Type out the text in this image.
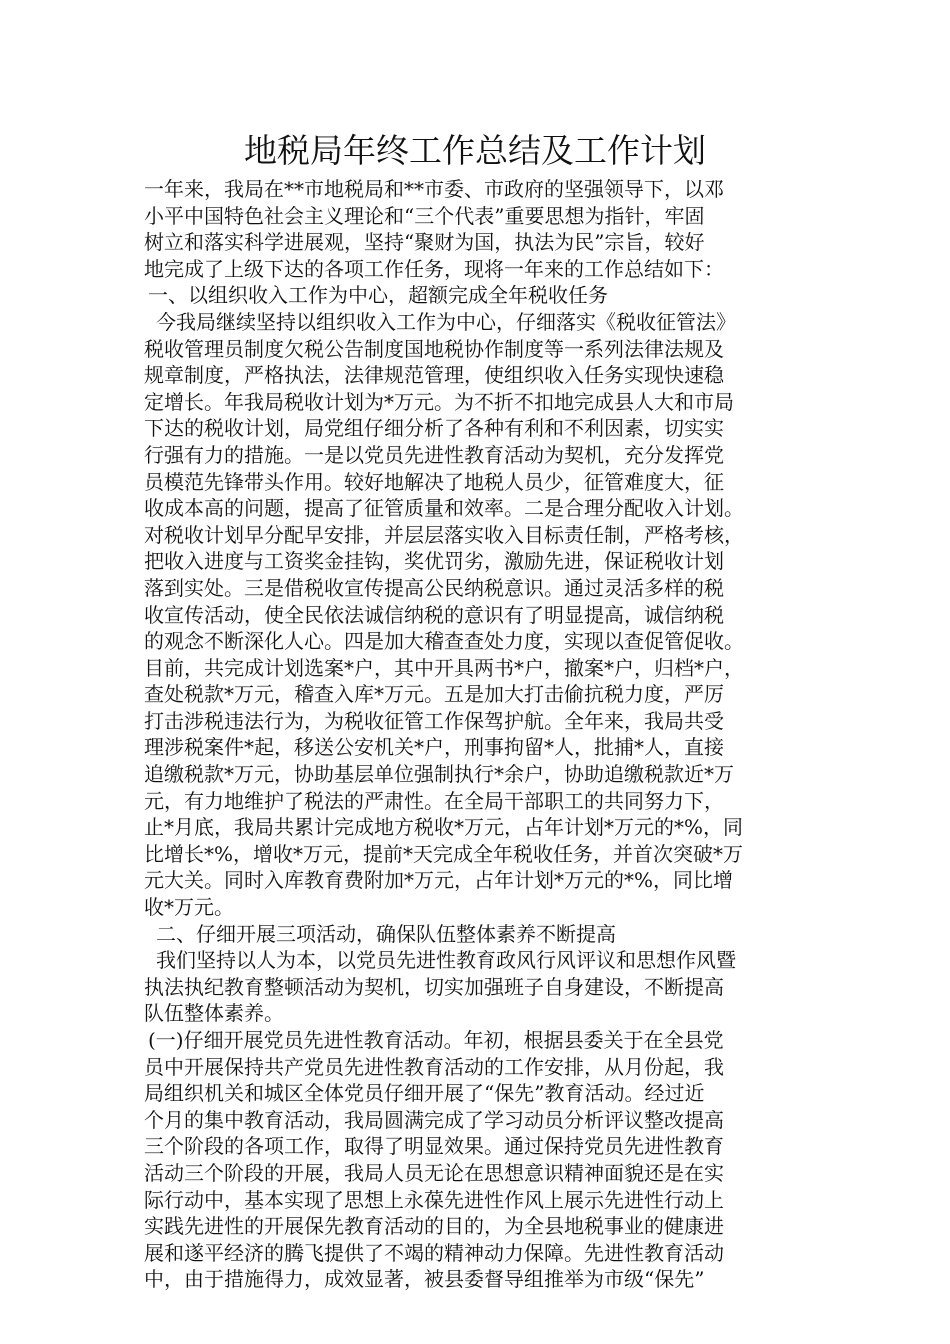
地税局年终工作总结及工作计划
一年来，我局在**市地税局和**市委、市政府的坚强领导下，以邓
小平中国特色社会主义理论和“三个代表”重要思想为指针，牢固
树立和落实科学进展观，坚持“聚财为国，执法为民”宗旨，较好
地完成了上级下达的各项工作任务，现将一年来的工作总结如下：
一、以组织收入工作为中心，超额完成全年税收任务
今我局继续坚持以组织收入工作为中心，仔细落实《税收征管法》
税收管理员制度欠税公告制度国地税协作制度等一系列法律法规及
规章制度，严格执法，法律规范管理，使组织收入任务实现快速稳
定增长。年我局税收计划为*万元。为不折不扣地完成县人大和市局
下达的税收计划，局党组仔细分析了各种有利和不利因素，切实实
行强有力的措施。一是以党员先进性教育活动为契机，充分发挥党
员模范先锋带头作用。较好地解决了地税人员少，征管难度大，征
收成本高的问题，提高了征管质量和效率。二是合理分配收入计划。
对税收计划早分配早安排，并层层落实收入目标责任制，严格考核，
把收入进度与工资奖金挂钩，奖优罚劣，激励先进，保证税收计划
落到实处。三是借税收宣传提高公民纳税意识。通过灵活多样的税
收宣传活动，使全民依法诚信纳税的意识有了明显提高，诚信纳税
的观念不断深化人心。四是加大稽查查处力度，实现以查促管促收。
目前，共完成计划选案*户，其中开具两书*户，撤案*户，归档*户，
查处税款*万元，稽查入库*万元。五是加大打击偷抗税力度，严厉
打击涉税违法行为，为税收征管工作保驾护航。全年来，我局共受
理涉税案件*起，移送公安机关*户，刑事拘留*人，批捕*人，直接
追缴税款*万元，协助基层单位强制执行*余户，协助追缴税款近*万
元，有力地维护了税法的严肃性。在全局干部职工的共同努力下，
止*月底，我局共累计完成地方税收*万元，占年计划*万元的*%，同
比增长*%，增收*万元，提前*天完成全年税收任务，并首次突破*万
元大关。同时入库教育费附加*万元，占年计划*万元的*%，同比增
收*万元。
二、仔细开展三项活动，确保队伍整体素养不断提高
我们坚持以人为本，以党员先进性教育政风行风评议和思想作风暨
执法执纪教育整顿活动为契机，切实加强班子自身建设，不断提高
队伍整体素养。
(一)仔细开展党员先进性教育活动。年初，根据县委关于在全县党
员中开展保持共产党员先进性教育活动的工作安排，从月份起，我
局组织机关和城区全体党员仔细开展了“保先”教育活动。经过近
个月的集中教育活动，我局圆满完成了学习动员分析评议整改提高
三个阶段的各项工作，取得了明显效果。通过保持党员先进性教育
活动三个阶段的开展，我局人员无论在思想意识精神面貌还是在实
际行动中，基本实现了思想上永葆先进性作风上展示先进性行动上
实践先进性的开展保先教育活动的目的，为全县地税事业的健康进
展和遂平经济的腾飞提供了不竭的精神动力保障。先进性教育活动
中，由于措施得力，成效显著，被县委督导组推举为市级“保先”
